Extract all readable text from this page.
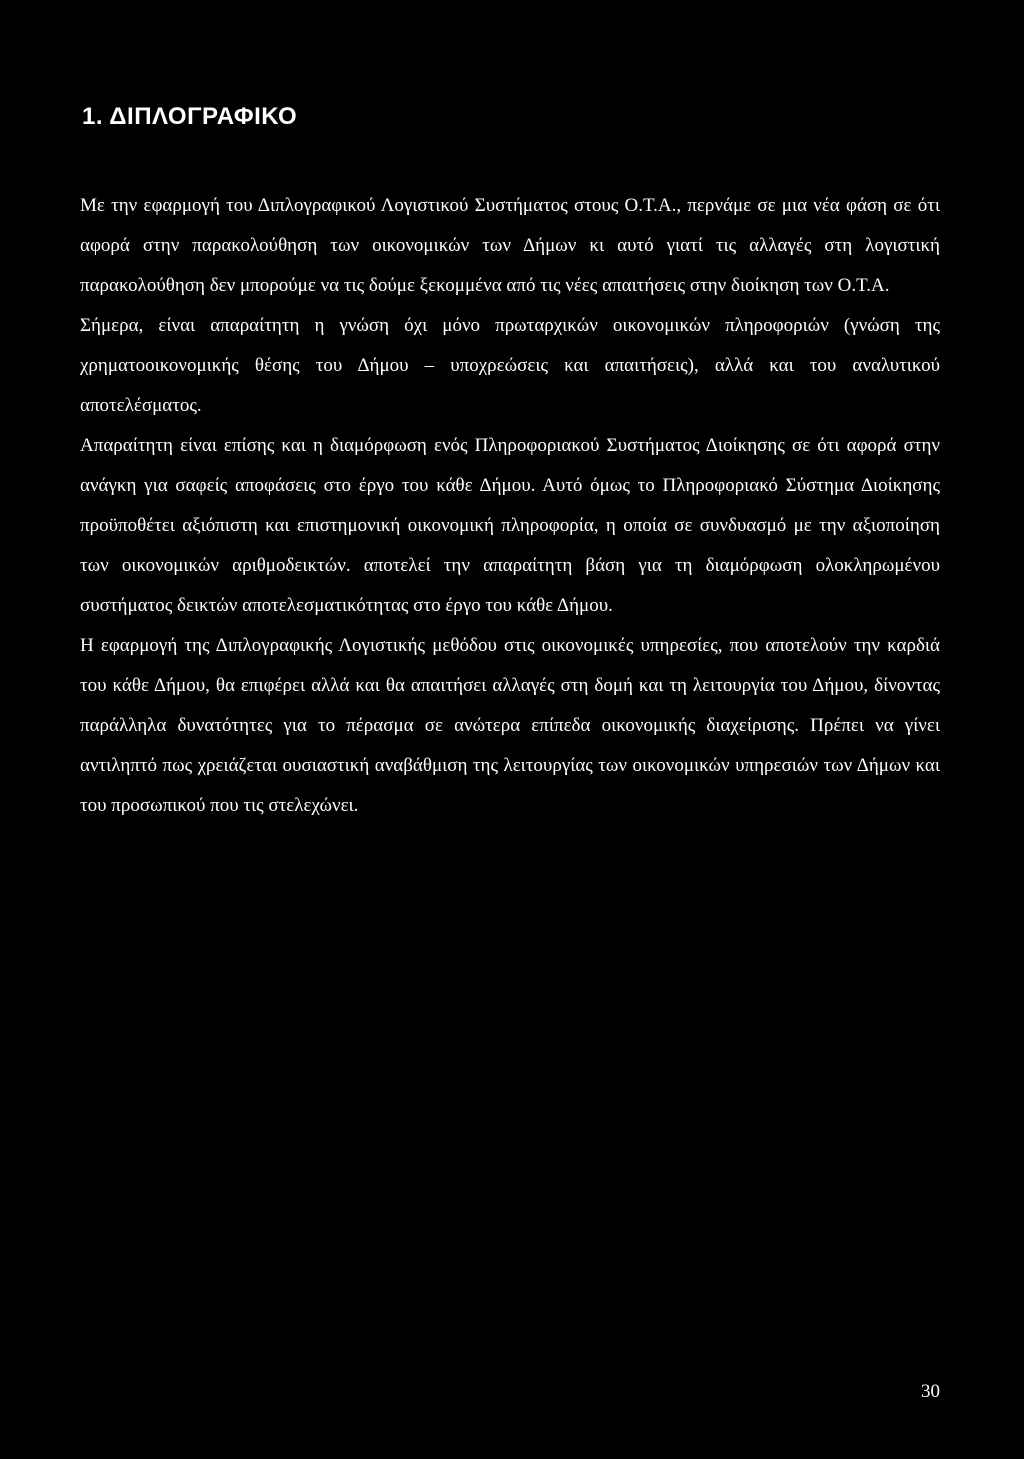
1. ΔΙΠΛΟΓΡΑΦΙΚΟ

Με την εφαρμογή του Διπλογραφικού Λογιστικού Συστήματος στους Ο.Τ.Α., περνάμε σε μια νέα φάση σε ότι αφορά στην παρακολούθηση των οικονομικών των Δήμων κι αυτό γιατί τις αλλαγές στη λογιστική παρακολούθηση δεν μπορούμε να τις δούμε ξεκομμένα από τις νέες απαιτήσεις στην διοίκηση των Ο.Τ.Α.

Σήμερα, είναι απαραίτητη η γνώση όχι μόνο πρωταρχικών οικονομικών πληροφοριών (γνώση της χρηματοοικονομικής θέσης του Δήμου – υποχρεώσεις και απαιτήσεις), αλλά και του αναλυτικού αποτελέσματος.

Απαραίτητη είναι επίσης και η διαμόρφωση ενός Πληροφοριακού Συστήματος Διοίκησης σε ότι αφορά στην ανάγκη για σαφείς αποφάσεις στο έργο του κάθε Δήμου. Αυτό όμως το Πληροφοριακό Σύστημα Διοίκησης προϋποθέτει αξιόπιστη και επιστημονική οικονομική πληροφορία, η οποία σε συνδυασμό με την αξιοποίηση των οικονομικών αριθμοδεικτών. αποτελεί την απαραίτητη βάση για τη διαμόρφωση ολοκληρωμένου συστήματος δεικτών αποτελεσματικότητας στο έργο του κάθε Δήμου.

Η εφαρμογή της Διπλογραφικής Λογιστικής μεθόδου στις οικονομικές υπηρεσίες, που αποτελούν την καρδιά του κάθε Δήμου, θα επιφέρει αλλά και θα απαιτήσει αλλαγές στη δομή και τη λειτουργία του Δήμου, δίνοντας παράλληλα δυνατότητες για το πέρασμα σε ανώτερα επίπεδα οικονομικής διαχείρισης. Πρέπει να γίνει αντιληπτό πως χρειάζεται ουσιαστική αναβάθμιση της λειτουργίας των οικονομικών υπηρεσιών των Δήμων και του προσωπικού που τις στελεχώνει.

30
